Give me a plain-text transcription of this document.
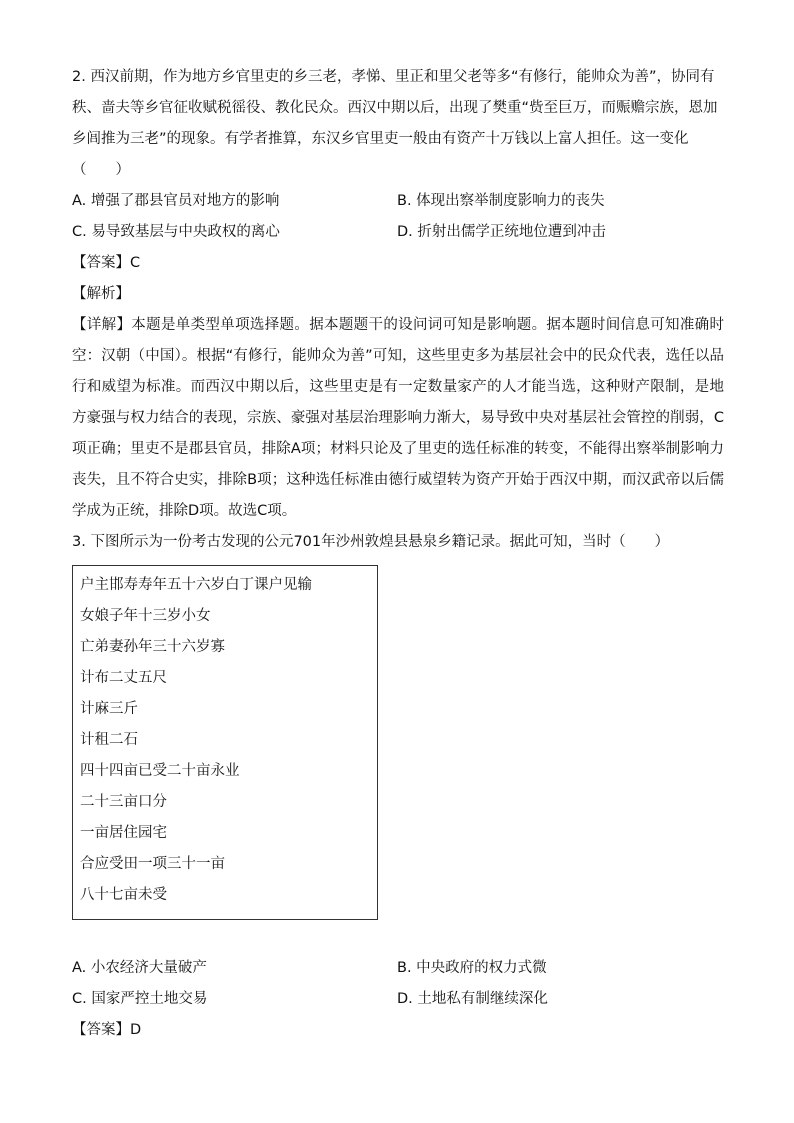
2. 西汉前期，作为地方乡官里吏的乡三老，孝悌、里正和里父老等多“有修行，能帅众为善”，协同有秩、啬夫等乡官征收赋税徭役、教化民众。西汉中期以后，出现了樊重“赀至巨万，而赈赡宗族，恩加乡闾推为三老”的现象。有学者推算，东汉乡官里吏一般由有资产十万钱以上富人担任。这一变化（　　）

A. 增强了郡县官员对地方的影响	B. 体现出察举制度影响力的丧失
C. 易导致基层与中央政权的离心	D. 折射出儒学正统地位遭到冲击
【答案】C
【解析】

【详解】本题是单类型单项选择题。据本题题干的设问词可知是影响题。据本题时间信息可知准确时空：汉朝（中国）。根据“有修行，能帅众为善”可知，这些里吏多为基层社会中的民众代表，选任以品行和威望为标准。而西汉中期以后，这些里吏是有一定数量家产的人才能当选，这种财产限制，是地方豪强与权力结合的表现，宗族、豪强对基层治理影响力渐大，易导致中央对基层社会管控的削弱，C项正确；里吏不是郡县官员，排除A项；材料只论及了里吏的选任标准的转变，不能得出察举制影响力丧失，且不符合史实，排除B项；这种选任标准由德行威望转为资产开始于西汉中期，而汉武帝以后儒学成为正统，排除D项。故选C项。

3. 下图所示为一份考古发现的公元701年沙州敦煌县悬泉乡籍记录。据此可知，当时（　　）

户主邯寿寿年五十六岁白丁课户见输
女娘子年十三岁小女
亡弟妻孙年三十六岁寡
计布二丈五尺
计麻三斤
计租二石
四十四亩已受二十亩永业
二十三亩口分
一亩居住园宅
合应受田一项三十一亩
八十七亩未受
A. 小农经济大量破产	B. 中央政府的权力式微
C. 国家严控土地交易	D. 土地私有制继续深化
【答案】D
